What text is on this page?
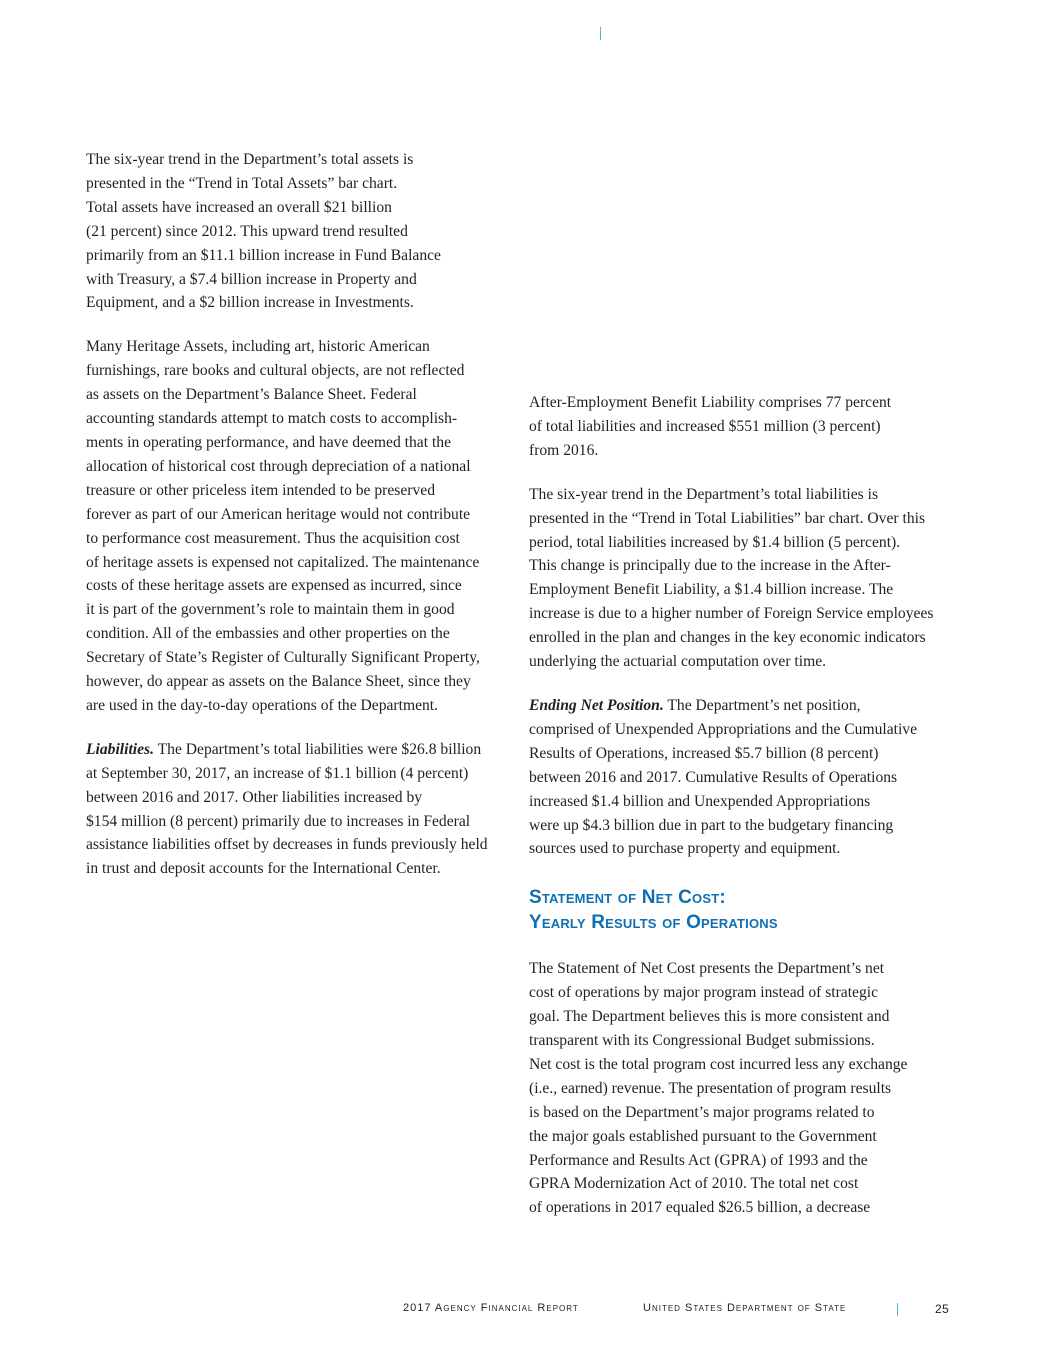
The six-year trend in the Department’s total assets is
presented in the “Trend in Total Assets” bar chart.
Total assets have increased an overall $21 billion
(21 percent) since 2012. This upward trend resulted
primarily from an $11.1 billion increase in Fund Balance
with Treasury, a $7.4 billion increase in Property and
Equipment, and a $2 billion increase in Investments.

Many Heritage Assets, including art, historic American
furnishings, rare books and cultural objects, are not reflected
as assets on the Department’s Balance Sheet. Federal
accounting standards attempt to match costs to accomplish-
ments in operating performance, and have deemed that the
allocation of historical cost through depreciation of a national
treasure or other priceless item intended to be preserved
forever as part of our American heritage would not contribute
to performance cost measurement. Thus the acquisition cost
of heritage assets is expensed not capitalized. The maintenance
costs of these heritage assets are expensed as incurred, since
it is part of the government’s role to maintain them in good
condition. All of the embassies and other properties on the
Secretary of State’s Register of Culturally Significant Property,
however, do appear as assets on the Balance Sheet, since they
are used in the day-to-day operations of the Department.

Liabilities. The Department’s total liabilities were $26.8 billion
at September 30, 2017, an increase of $1.1 billion (4 percent)
between 2016 and 2017. Other liabilities increased by
$154 million (8 percent) primarily due to increases in Federal
assistance liabilities offset by decreases in funds previously held
in trust and deposit accounts for the International Center.

After-Employment Benefit Liability comprises 77 percent
of total liabilities and increased $551 million (3 percent)
from 2016.

The six-year trend in the Department’s total liabilities is
presented in the “Trend in Total Liabilities” bar chart. Over this
period, total liabilities increased by $1.4 billion (5 percent).
This change is principally due to the increase in the After-
Employment Benefit Liability, a $1.4 billion increase. The
increase is due to a higher number of Foreign Service employees
enrolled in the plan and changes in the key economic indicators
underlying the actuarial computation over time.

Ending Net Position. The Department’s net position,
comprised of Unexpended Appropriations and the Cumulative
Results of Operations, increased $5.7 billion (8 percent)
between 2016 and 2017. Cumulative Results of Operations
increased $1.4 billion and Unexpended Appropriations
were up $4.3 billion due in part to the budgetary financing
sources used to purchase property and equipment.

Statement of Net Cost:
Yearly Results of Operations

The Statement of Net Cost presents the Department’s net
cost of operations by major program instead of strategic
goal. The Department believes this is more consistent and
transparent with its Congressional Budget submissions.
Net cost is the total program cost incurred less any exchange
(i.e., earned) revenue. The presentation of program results
is based on the Department’s major programs related to
the major goals established pursuant to the Government
Performance and Results Act (GPRA) of 1993 and the
GPRA Modernization Act of 2010. The total net cost
of operations in 2017 equaled $26.5 billion, a decrease

2017 Agency Financial Report	United States Department of State	25
